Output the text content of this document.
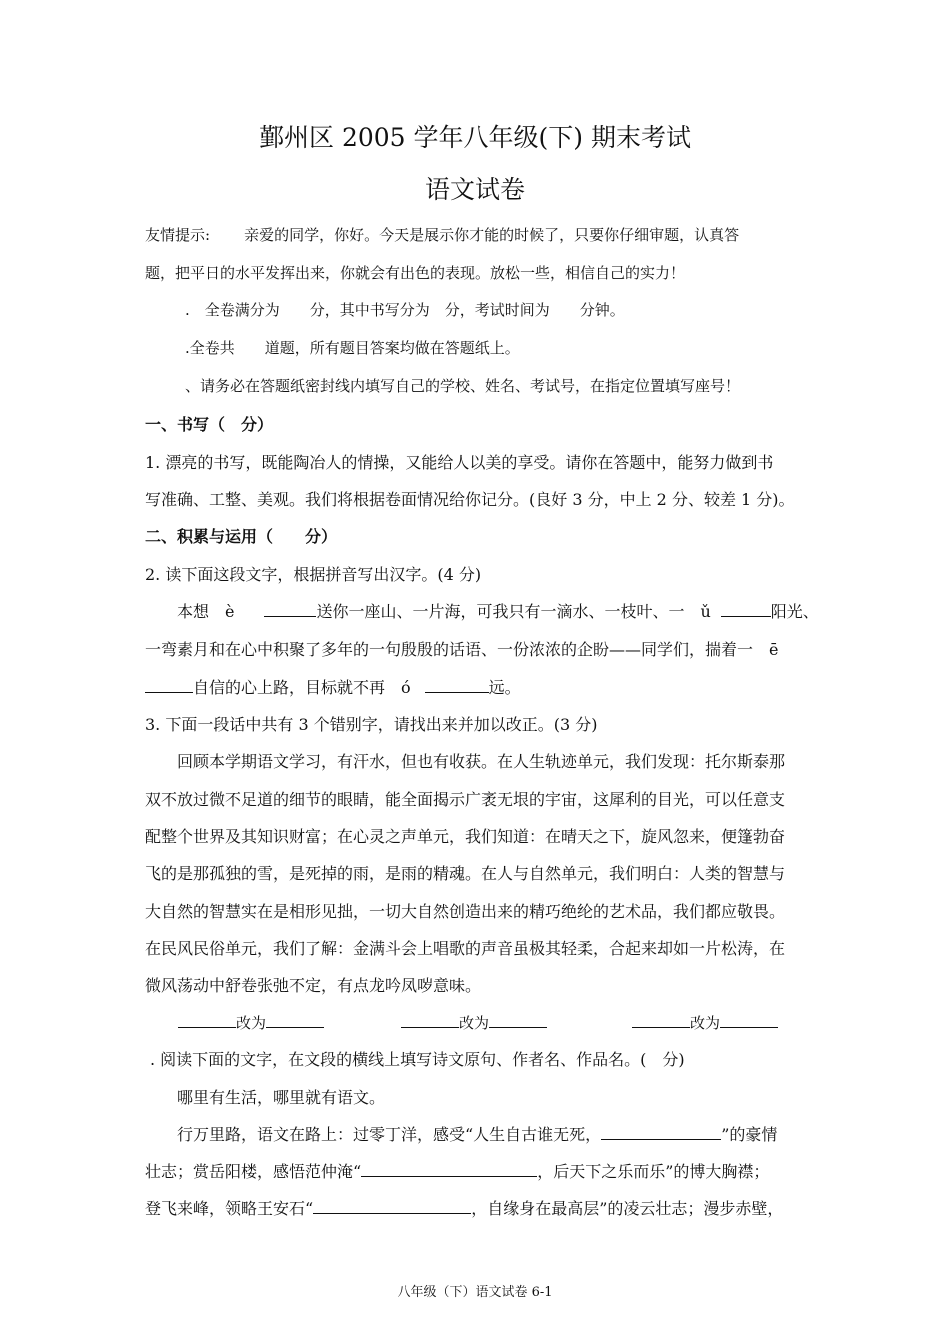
鄞州区 2005 学年八年级(下) 期末考试
语文试卷
友情提示: 亲爱的同学，你好。今天是展示你才能的时候了，只要你仔细审题，认真答
题，把平日的水平发挥出来，你就会有出色的表现。放松一些，相信自己的实力！
.　全卷满分为　　分，其中书写分为　分，考试时间为　　分钟。
.全卷共　　道题，所有题目答案均做在答题纸上。
、请务必在答题纸密封线内填写自己的学校、姓名、考试号，在指定位置填写座号！
一、书写（　分）
1. 漂亮的书写，既能陶冶人的情操，又能给人以美的享受。请你在答题中，能努力做到书
写准确、工整、美观。我们将根据卷面情况给你记分。(良好 3 分，中上 2 分、较差 1 分)。
二、积累与运用（　　分）
2. 读下面这段文字，根据拼音写出汉字。(4 分)
本想　è　	送你一座山、一片海，可我只有一滴水、一枝叶、一　ǔ	阳光、
一弯素月和在心中积聚了多年的一句殷殷的话语、一份浓浓的企盼——同学们，揣着一　ē
自信的心上路，目标就不再　ó	远。
3. 下面一段话中共有 3 个错别字，请找出来并加以改正。(3 分)
回顾本学期语文学习，有汗水，但也有收获。在人生轨迹单元，我们发现：托尔斯泰那
双不放过微不足道的细节的眼睛，能全面揭示广袤无垠的宇宙，这犀利的目光，可以任意支
配整个世界及其知识财富；在心灵之声单元，我们知道：在晴天之下，旋风忽来，便篷勃奋
飞的是那孤独的雪，是死掉的雨，是雨的精魂。在人与自然单元，我们明白：人类的智慧与
大自然的智慧实在是相形见拙，一切大自然创造出来的精巧绝纶的艺术品，我们都应敬畏。
在民风民俗单元，我们了解：金满斗会上唱歌的声音虽极其轻柔，合起来却如一片松涛，在
微风荡动中舒卷张弛不定，有点龙吟凤哕意味。
改为	改为	改为
. 阅读下面的文字，在文段的横线上填写诗文原句、作者名、作品名。(　分)
哪里有生活，哪里就有语文。
行万里路，语文在路上：过零丁洋，感受“人生自古谁无死，	”的豪情
壮志；赏岳阳楼，感悟范仲淹“	，后天下之乐而乐”的博大胸襟；
登飞来峰，领略王安石“	，自缘身在最高层”的凌云壮志；漫步赤壁，
八年级（下）语文试卷 6-1
